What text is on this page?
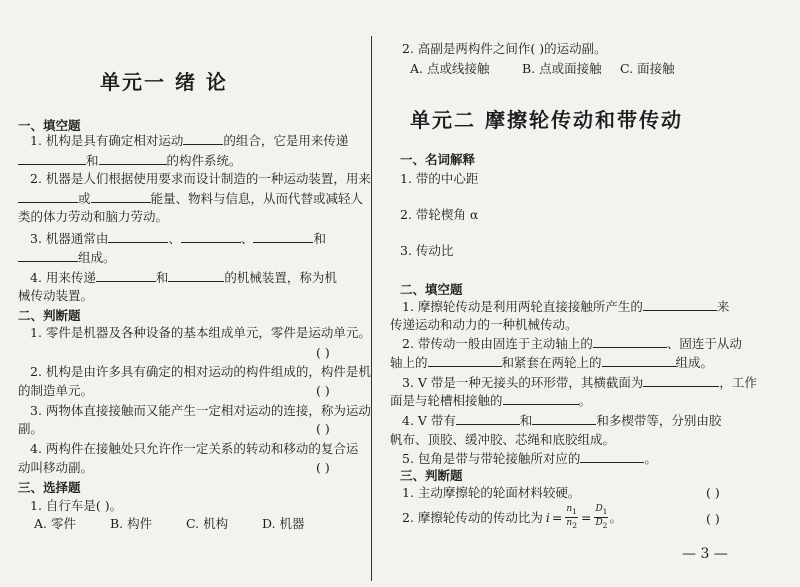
单元一 绪 论
一、填空题
1. 机构是具有确定相对运动	的组合，它是用来传递
和	的构件系统。
2. 机器是人们根据使用要求而设计制造的一种运动装置，用来
或	能量、物料与信息，从而代替或减轻人
类的体力劳动和脑力劳动。
3. 机器通常由	、	、	和
组成。
4. 用来传递	和	的机械装置，称为机
械传动装置。
二、判断题
1. 零件是机器及各种设备的基本组成单元，零件是运动单元。
( )
2. 机构是由许多具有确定的相对运动的构件组成的，构件是机
的制造单元。	( )
3. 两物体直接接触而又能产生一定相对运动的连接，称为运动
副。	( )
4. 两构件在接触处只允许作一定关系的转动和移动的复合运
动叫移动副。	( )
三、选择题
1. 自行车是( )。
A. 零件	B. 构件	C. 机构	D. 机器
2. 高副是两构件之间作( )的运动副。
A. 点或线接触	B. 点或面接触 C. 面接触
单元二 摩擦轮传动和带传动
一、名词解释
1. 带的中心距
2. 带轮楔角 α
3. 传动比
二、填空题
1. 摩擦轮传动是利用两轮直接接触所产生的	来
传递运动和动力的一种机械传动。
2. 带传动一般由固连于主动轴上的	、固连于从动
轴上的	和紧套在两轮上的	组成。
3. V 带是一种无接头的环形带，其横截面为	，工作
面是与轮槽相接触的	。
4. V 带有	和	和多楔带等，分别由胶
帆布、顶胶、缓冲胶、芯绳和底胶组成。
5. 包角是带与带轮接触所对应的	。
三、判断题
1. 主动摩擦轮的轮面材料较硬。	( )
2. 摩擦轮传动的传动比为 $i = \frac{n_1}{n_2} = \frac{D_1}{D_2}$ 。	( )
— 3 —
